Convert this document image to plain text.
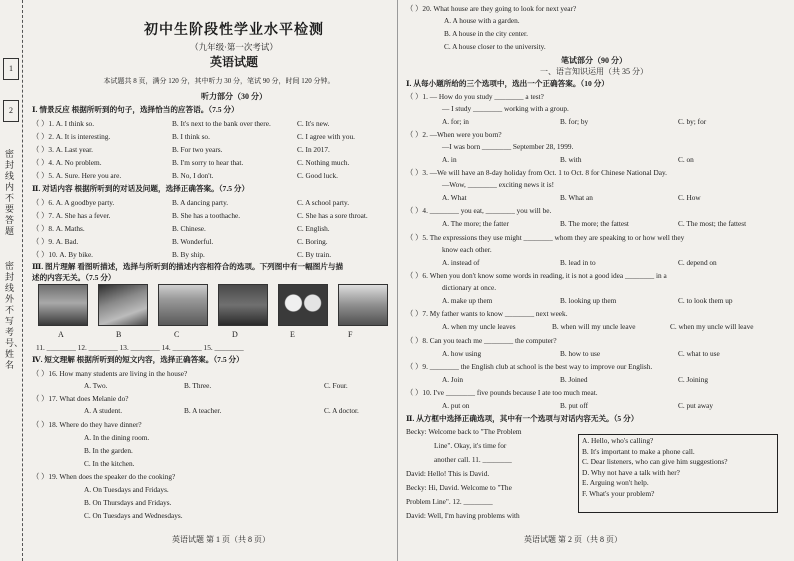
1
2
密封线内不要答题
密封线外不写考号、姓名
初中生阶段性学业水平检测
（九年级·第一次考试）
英语试题
本试题共 8 页，满分 120 分，其中听力 30 分，笔试 90 分，时间 120 分钟。
听力部分（30 分）
Ⅰ. 情景反应 根据所听到的句子，选择恰当的应答语。（7.5 分）
（ ）1. A. I think so.	B. It's next to the bank over there.	C. It's new.
（ ）2. A. It is interesting.	B. I think so.	C. I agree with you.
（ ）3. A. Last year.	B. For two years.	C. In 2017.
（ ）4. A. No problem.	B. I'm sorry to hear that.	C. Nothing much.
（ ）5. A. Sure. Here you are.	B. No, I don't.	C. Good luck.
Ⅱ. 对话内容 根据所听到的对话及问题，选择正确答案。（7.5 分）
（ ）6. A. A goodbye party.	B. A dancing party.	C. A school party.
（ ）7. A. She has a fever.	B. She has a toothache.	C. She has a sore throat.
（ ）8. A. Maths.	B. Chinese.	C. English.
（ ）9. A. Bad.	B. Wonderful.	C. Boring.
（ ）10. A. By bike.	B. By ship.	C. By train.
Ⅲ. 图片理解 看图听描述，选择与所听到的描述内容相符合的选项。下列图中有一幅图片与描
述的内容无关。（7.5 分）
A	B	C	D	E	F
11. ________ 12. ________ 13. ________ 14. ________ 15. ________
Ⅳ. 短文理解 根据所听到的短文内容，选择正确答案。（7.5 分）
（ ）16. How many students are living in the house?
A. Two.	B. Three.	C. Four.
（ ）17. What does Melanie do?
A. A student.	B. A teacher.	C. A doctor.
（ ）18. Where do they have dinner?
A. In the dining room.
B. In the garden.
C. In the kitchen.
（ ）19. When does the speaker do the cooking?
A. On Tuesdays and Fridays.
B. On Thursdays and Fridays.
C. On Tuesdays and Wednesdays.
英语试题 第 1 页（共 8 页）
（ ）20. What house are they going to look for next year?
A. A house with a garden.
B. A house in the city center.
C. A house closer to the university.
笔试部分（90 分）
一、语言知识运用（共 35 分）
Ⅰ. 从每小题所给的三个选项中，选出一个正确答案。（10 分）
（ ）1. — How do you study ________ a test?
— I study ________ working with a group.
A. for; in	B. for; by	C. by; for
（ ）2. —When were you born?
—I was born ________ September 28, 1999.
A. in	B. with	C. on
（ ）3. —We will have an 8-day holiday from Oct. 1 to Oct. 8 for Chinese National Day.
—Wow, ________ exciting news it is!
A. What	B. What an	C. How
（ ）4. ________ you eat, ________ you will be.
A. The more; the fatter	B. The more; the fattest	C. The most; the fattest
（ ）5. The expressions they use might ________ whom they are speaking to or how well they
know each other.
A. instead of	B. lead in to	C. depend on
（ ）6. When you don't know some words in reading, it is not a good idea ________ in a
dictionary at once.
A. make up them	B. looking up them	C. to look them up
（ ）7. My father wants to know ________ next week.
A. when my uncle leaves	B. when will my uncle leave	C. when my uncle will leave
（ ）8. Can you teach me ________ the computer?
A. how using	B. how to use	C. what to use
（ ）9. ________ the English club at school is the best way to improve our English.
A. Join	B. Joined	C. Joining
（ ）10. I've ________ five pounds because I ate too much meat.
A. put on	B. put off	C. put away
Ⅱ. 从方框中选择正确选项，其中有一个选项与对话内容无关。（5 分）
Becky: Welcome back to "The Problem
Line". Okay, it's time for
another call. 11. ________
David: Hello! This is David.
Becky: Hi, David. Welcome to "The
Problem Line". 12. ________
David: Well, I'm having problems with
英语试题 第 2 页（共 8 页）
A. Hello, who's calling?
B. It's important to make a phone call.
C. Dear listeners, who can give him suggestions?
D. Why not have a talk with her?
E. Arguing won't help.
F. What's your problem?
